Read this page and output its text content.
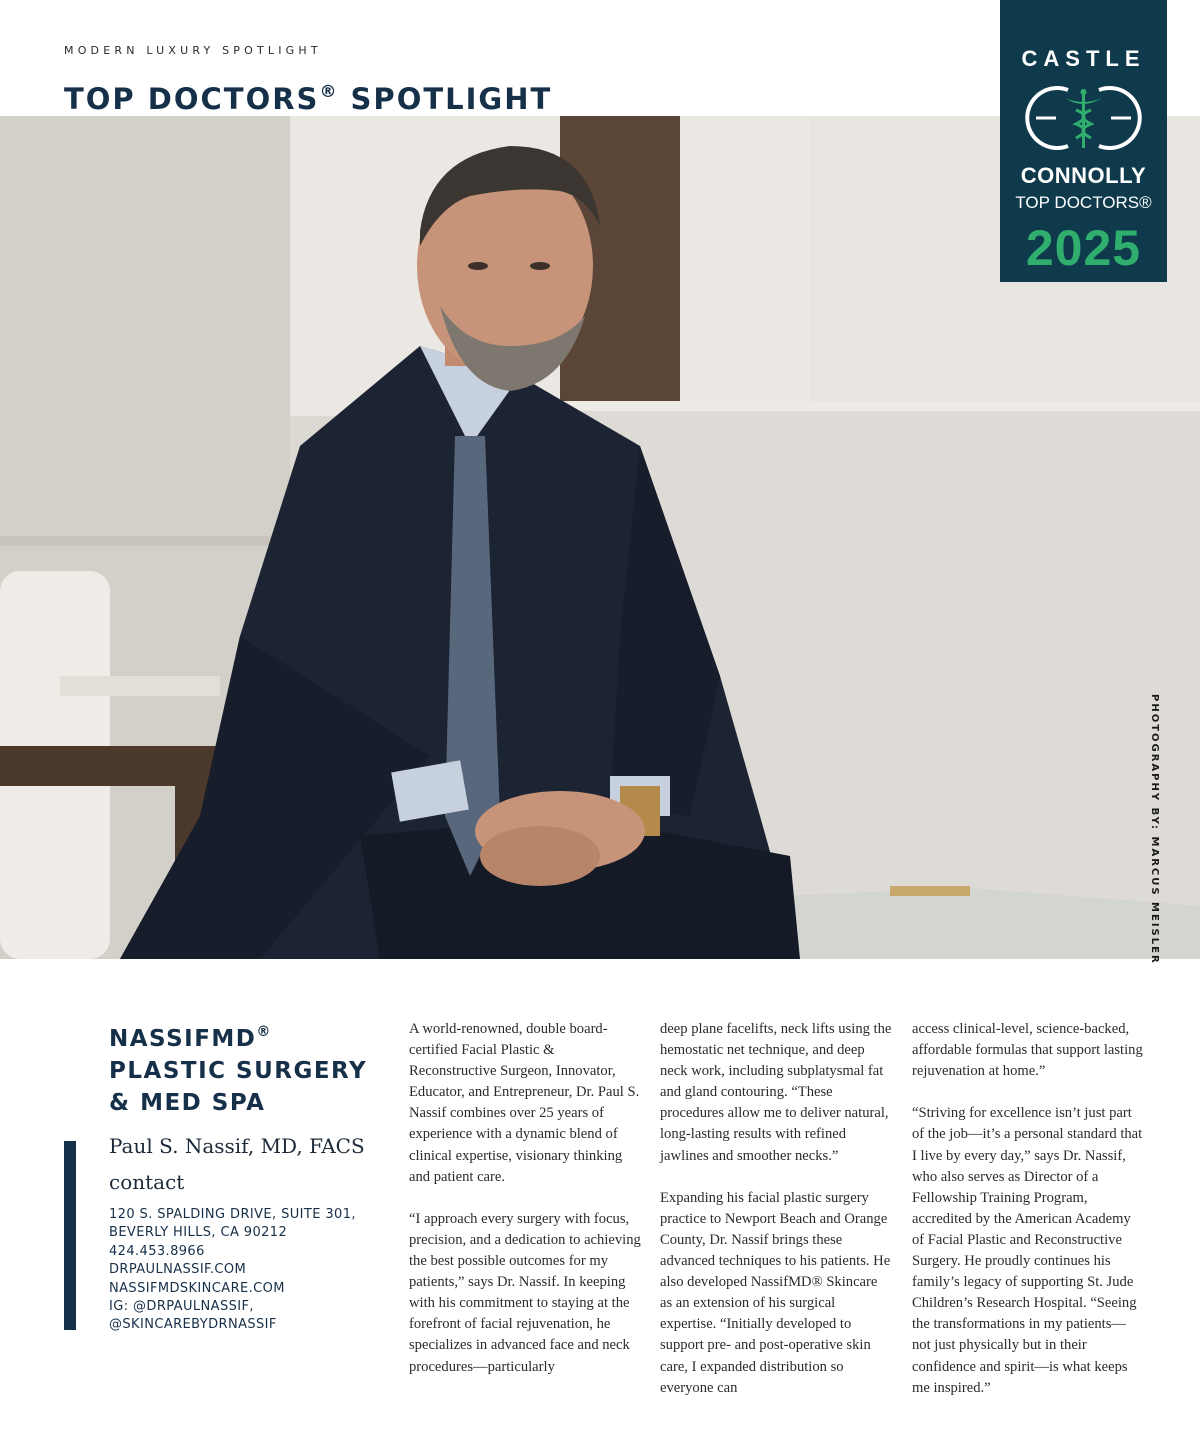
MODERN LUXURY SPOTLIGHT
TOP DOCTORS® SPOTLIGHT
CASTLE
CONNOLLY
TOP DOCTORS®
2025
PHOTOGRAPHY BY: MARCUS MEISLER
NASSIFMD®
PLASTIC SURGERY
& MED SPA
Paul S. Nassif, MD, FACS
contact
120 S. SPALDING DRIVE, SUITE 301,
BEVERLY HILLS, CA 90212
424.453.8966
DRPAULNASSIF.COM
NASSIFMDSKINCARE.COM
IG: @DRPAULNASSIF,
@SKINCAREBYDRNASSIF

A world-renowned, double board-certified Facial Plastic & Reconstructive Surgeon, Innovator, Educator, and Entrepreneur, Dr. Paul S. Nassif combines over 25 years of experience with a dynamic blend of clinical expertise, visionary thinking and patient care.

“I approach every surgery with focus, precision, and a dedication to achieving the best possible outcomes for my patients,” says Dr. Nassif. In keeping with his commitment to staying at the forefront of facial rejuvenation, he specializes in advanced face and neck procedures—particularly

deep plane facelifts, neck lifts using the hemostatic net technique, and deep neck work, including subplatysmal fat and gland contouring. “These procedures allow me to deliver natural, long-lasting results with refined jawlines and smoother necks.”

Expanding his facial plastic surgery practice to Newport Beach and Orange County, Dr. Nassif brings these advanced techniques to his patients. He also developed NassifMD® Skincare as an extension of his surgical expertise. “Initially developed to support pre- and post-operative skin care, I expanded distribution so everyone can

access clinical-level, science-backed, affordable formulas that support lasting rejuvenation at home.”

“Striving for excellence isn’t just part of the job—it’s a personal standard that I live by every day,” says Dr. Nassif, who also serves as Director of a Fellowship Training Program, accredited by the American Academy of Facial Plastic and Reconstructive Surgery. He proudly continues his family’s legacy of supporting St. Jude Children’s Research Hospital. “Seeing the transformations in my patients—not just physically but in their confidence and spirit—is what keeps me inspired.”
